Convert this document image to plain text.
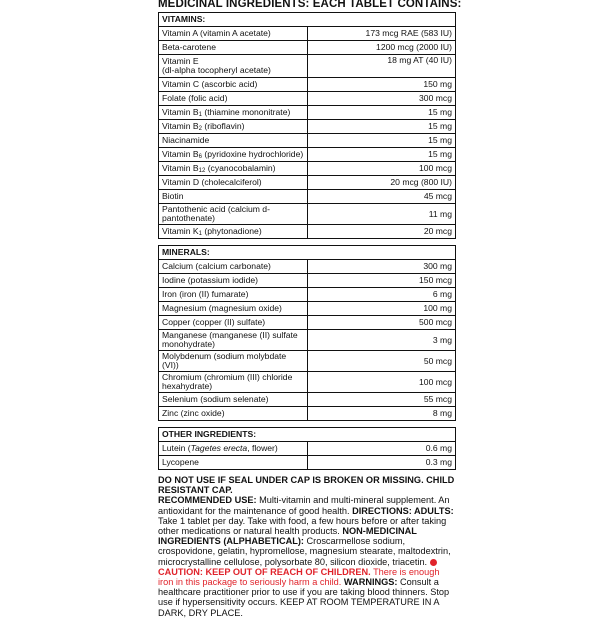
MEDICINAL INGREDIENTS: EACH TABLET CONTAINS:
VITAMINS:	
Vitamin A (vitamin A acetate)	173 mcg RAE (583 IU)
Beta-carotene	1200 mcg (2000 IU)

Vitamin E
(dl-alpha tocopheryl acetate)	18 mg AT (40 IU)
Vitamin C (ascorbic acid)	150 mg
Folate (folic acid)	300 mcg
Vitamin $B_1$ (thiamine mononitrate)	15 mg
Vitamin $B_2$ (riboflavin)	15 mg
Niacinamide	15 mg
Vitamin $B_6$ (pyridoxine hydrochloride)	15 mg
Vitamin $B_{12}$ (cyanocobalamin)	100 mcg
Vitamin D (cholecalciferol)	20 mcg (800 IU)
Biotin	45 mcg
Pantothenic acid (calcium d-pantothenate)	11 mg
Vitamin $K_1$ (phytonadione)	20 mcg
MINERALS:	
Calcium (calcium carbonate)	300 mg
Iodine (potassium iodide)	150 mcg
Iron (iron (II) fumarate)	6 mg
Magnesium (magnesium oxide)	100 mg
Copper (copper (II) sulfate)	500 mcg
Manganese (manganese (II) sulfate monohydrate)	3 mg
Molybdenum (sodium molybdate (VI))	50 mcg
Chromium (chromium (III) chloride hexahydrate)	100 mcg
Selenium (sodium selenate)	55 mcg
Zinc (zinc oxide)	8 mg
OTHER INGREDIENTS:	
Lutein (Tagetes erecta, flower)	0.6 mg
Lycopene	0.3 mg
DO NOT USE IF SEAL UNDER CAP IS BROKEN OR MISSING. CHILD RESISTANT CAP.
RECOMMENDED USE: Multi-vitamin and multi-mineral supplement. An antioxidant for the maintenance of good health. DIRECTIONS: ADULTS: Take 1 tablet per day. Take with food, a few hours before or after taking other medications or natural health products. NON-MEDICINAL INGREDIENTS (ALPHABETICAL): Croscarmellose sodium, crospovidone, gelatin, hypromellose, magnesium stearate, maltodextrin, microcrystalline cellulose, polysorbate 80, silicon dioxide, triacetin. CAUTION: KEEP OUT OF REACH OF CHILDREN. There is enough iron in this package to seriously harm a child. WARNINGS: Consult a healthcare practitioner prior to use if you are taking blood thinners. Stop use if hypersensitivity occurs. KEEP AT ROOM TEMPERATURE IN A DARK, DRY PLACE.
